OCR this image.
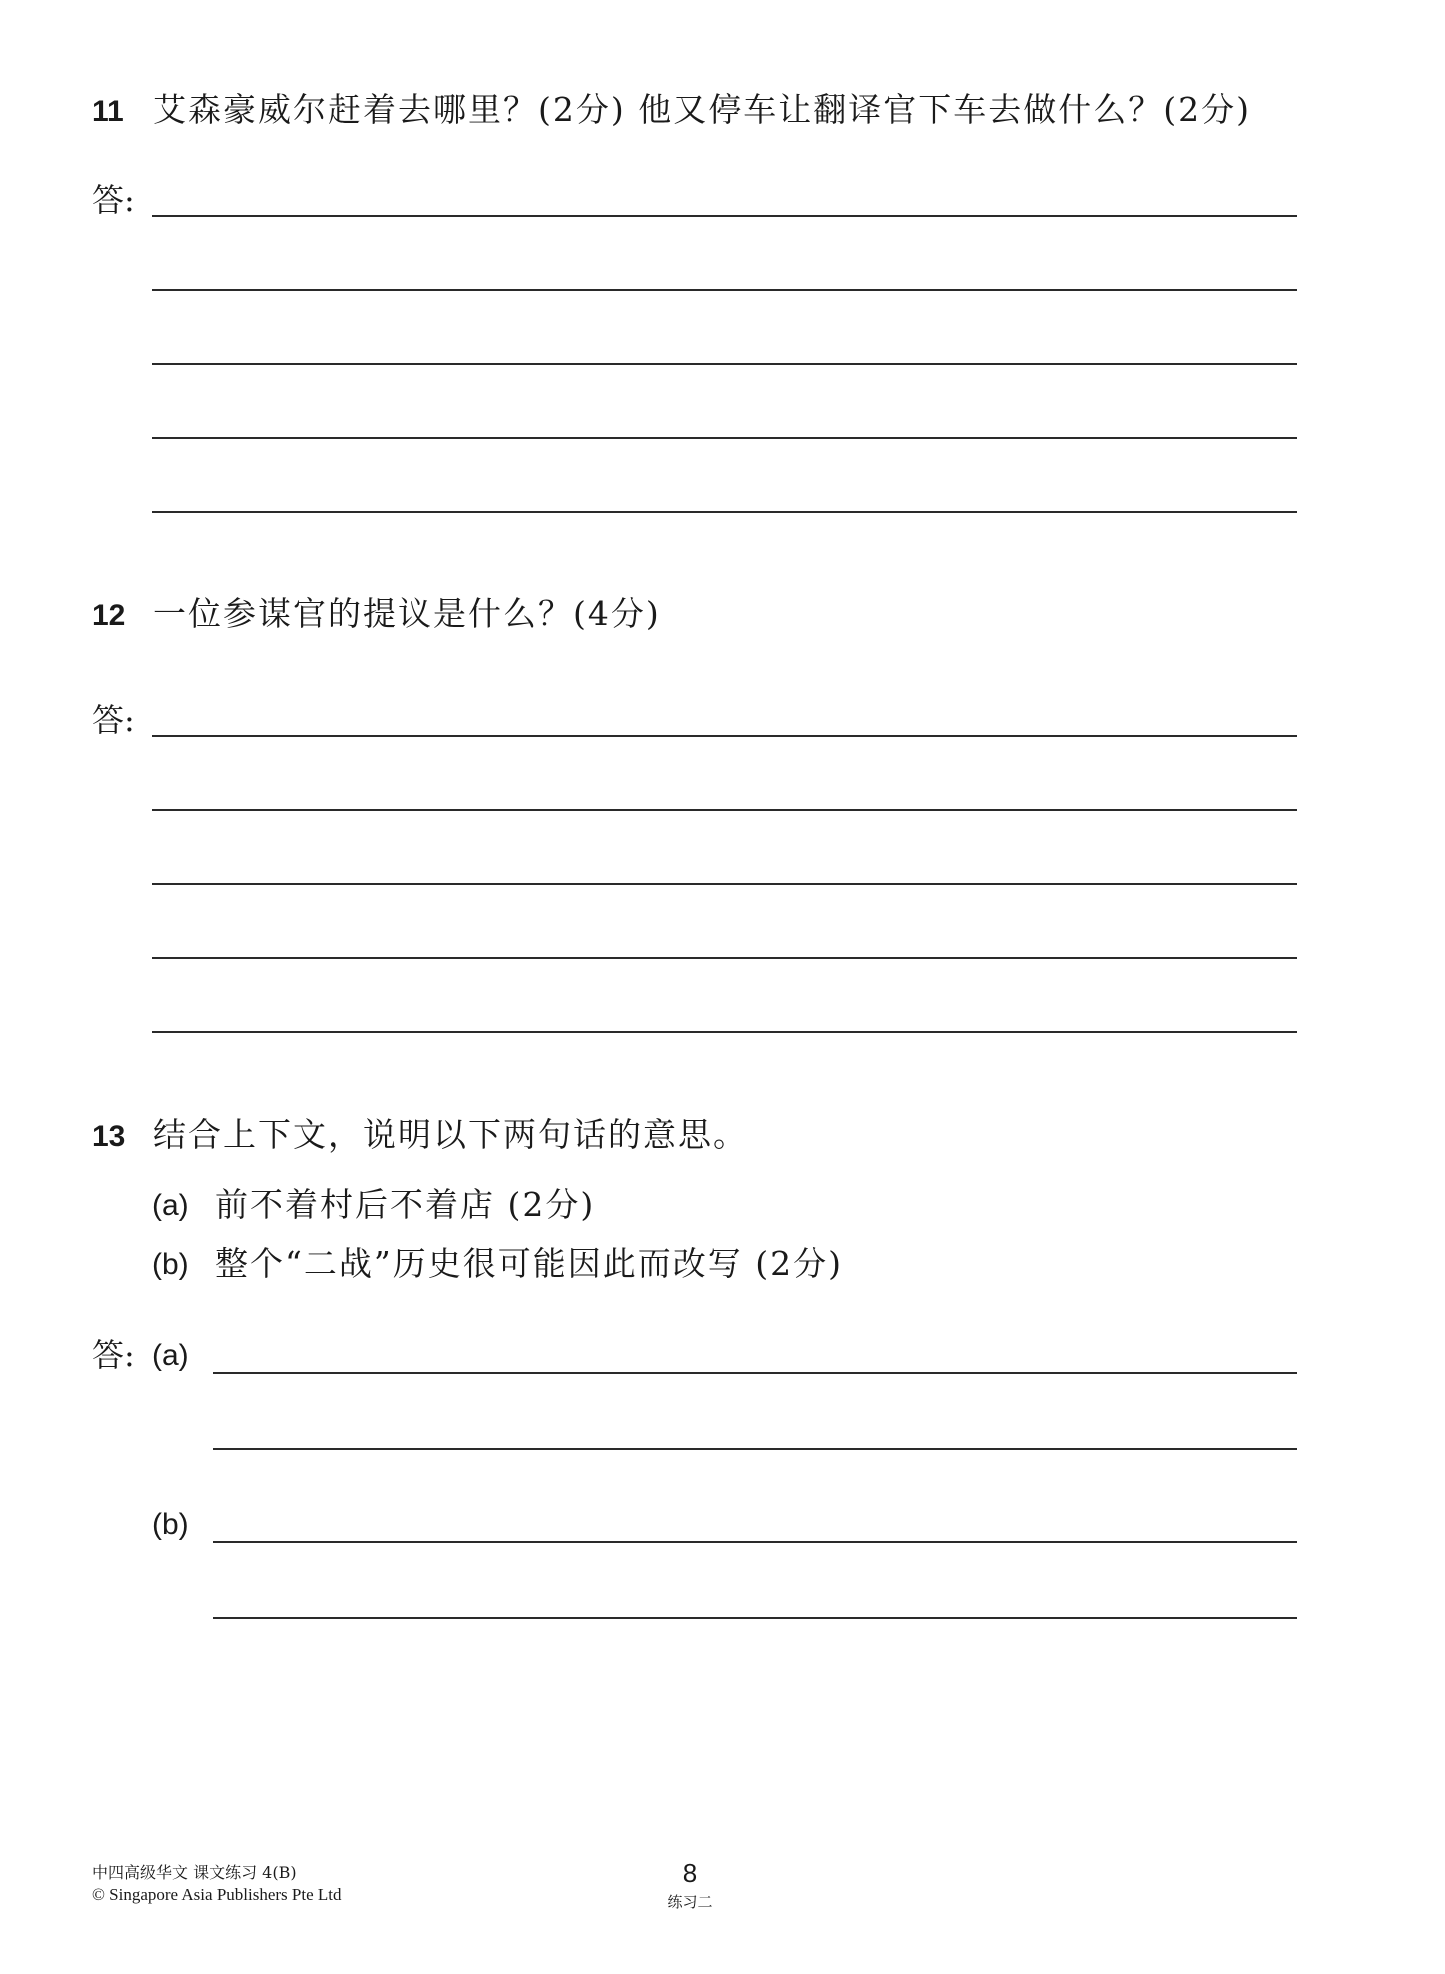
11 艾森豪威尔赶着去哪里？(2分) 他又停车让翻译官下车去做什么？(2分)
答:
12 一位参谋官的提议是什么？(4分)
答:
13 结合上下文，说明以下两句话的意思。
(a) 前不着村后不着店 (2分)
(b) 整个“二战”历史很可能因此而改写 (2分)
答: (a)
(b)
中四高级华文 课文练习 4(B)
© Singapore Asia Publishers Pte Ltd
8
练习二
